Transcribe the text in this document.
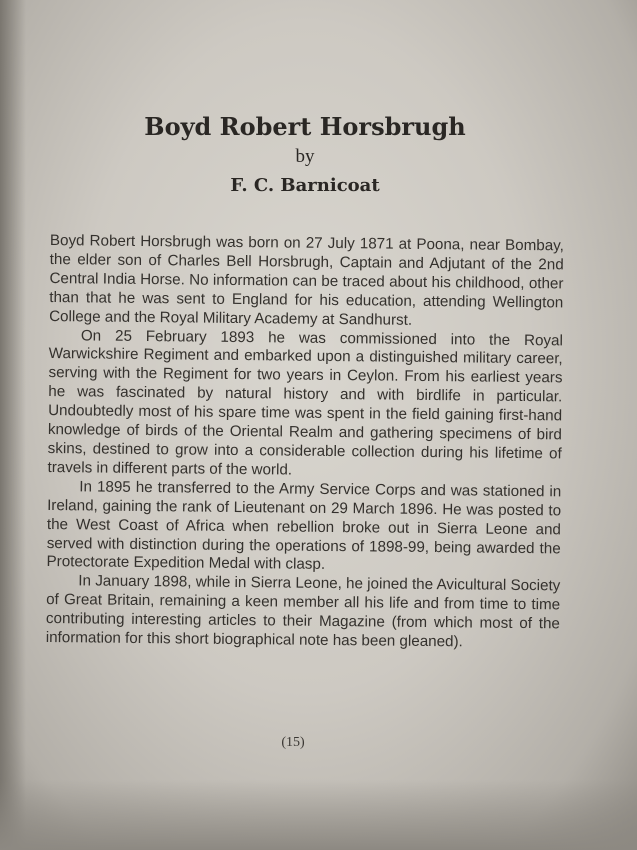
Boyd Robert Horsbrugh
by
F. C. Barnicoat

Boyd Robert Horsbrugh was born on 27 July 1871 at Poona, near Bombay, the elder son of Charles Bell Horsbrugh, Captain and Adjutant of the 2nd Central India Horse. No information can be traced about his childhood, other than that he was sent to England for his education, attending Wellington College and the Royal Military Academy at Sandhurst.

On 25 February 1893 he was commissioned into the Royal Warwickshire Regiment and embarked upon a distinguished military career, serving with the Regiment for two years in Ceylon. From his earliest years he was fascinated by natural history and with birdlife in particular. Undoubtedly most of his spare time was spent in the field gaining first-hand knowledge of birds of the Oriental Realm and gathering specimens of bird skins, destined to grow into a considerable collection during his lifetime of travels in different parts of the world.

In 1895 he transferred to the Army Service Corps and was stationed in Ireland, gaining the rank of Lieutenant on 29 March 1896. He was posted to the West Coast of Africa when rebellion broke out in Sierra Leone and served with distinction during the operations of 1898-99, being awarded the Protectorate Expedition Medal with clasp.

In January 1898, while in Sierra Leone, he joined the Avicultural Society of Great Britain, remaining a keen member all his life and from time to time contributing interesting articles to their Magazine (from which most of the information for this short biographical note has been gleaned).

(15)
